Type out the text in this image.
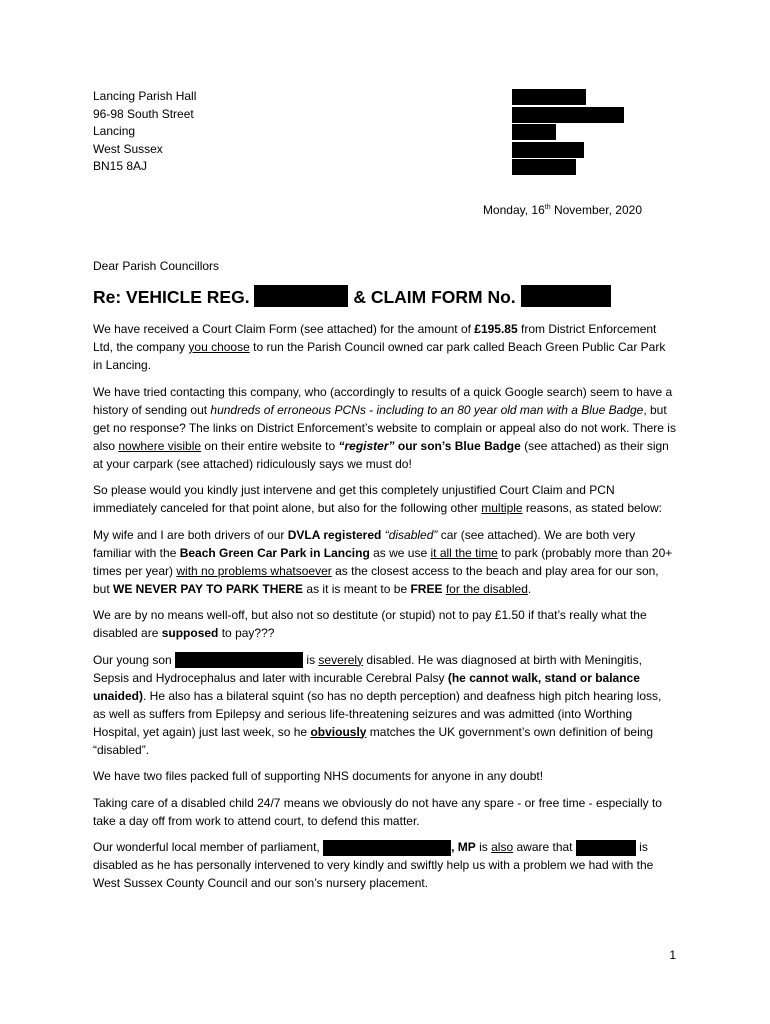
Lancing Parish Hall
96-98 South Street
Lancing
West Sussex
BN15 8AJ
Monday, 16th November, 2020
Dear Parish Councillors
Re: VEHICLE REG.	& CLAIM FORM No.

We have received a Court Claim Form (see attached) for the amount of £195.85 from District Enforcement Ltd, the company you choose to run the Parish Council owned car park called Beach Green Public Car Park in Lancing.

We have tried contacting this company, who (accordingly to results of a quick Google search) seem to have a history of sending out hundreds of erroneous PCNs - including to an 80 year old man with a Blue Badge, but get no response? The links on District Enforcement’s website to complain or appeal also do not work. There is also nowhere visible on their entire website to “register” our son’s Blue Badge (see attached) as their sign at your carpark (see attached) ridiculously says we must do!

So please would you kindly just intervene and get this completely unjustified Court Claim and PCN immediately canceled for that point alone, but also for the following other multiple reasons, as stated below:

My wife and I are both drivers of our DVLA registered “disabled” car (see attached). We are both very familiar with the Beach Green Car Park in Lancing as we use it all the time to park (probably more than 20+ times per year) with no problems whatsoever as the closest access to the beach and play area for our son, but WE NEVER PAY TO PARK THERE as it is meant to be FREE for the disabled.

We are by no means well-off, but also not so destitute (or stupid) not to pay £1.50 if that’s really what the disabled are supposed to pay???

Our young son	is severely disabled. He was diagnosed at birth with Meningitis, Sepsis and Hydrocephalus and later with incurable Cerebral Palsy (he cannot walk, stand or balance unaided). He also has a bilateral squint (so has no depth perception) and deafness high pitch hearing loss, as well as suffers from Epilepsy and serious life-threatening seizures and was admitted (into Worthing Hospital, yet again) just last week, so he obviously matches the UK government’s own definition of being “disabled”.

We have two files packed full of supporting NHS documents for anyone in any doubt!

Taking care of a disabled child 24/7 means we obviously do not have any spare - or free time - especially to take a day off from work to attend court, to defend this matter.

Our wonderful local member of parliament,	, MP is also aware that	is disabled as he has personally intervened to very kindly and swiftly help us with a problem we had with the West Sussex County Council and our son’s nursery placement.

1
